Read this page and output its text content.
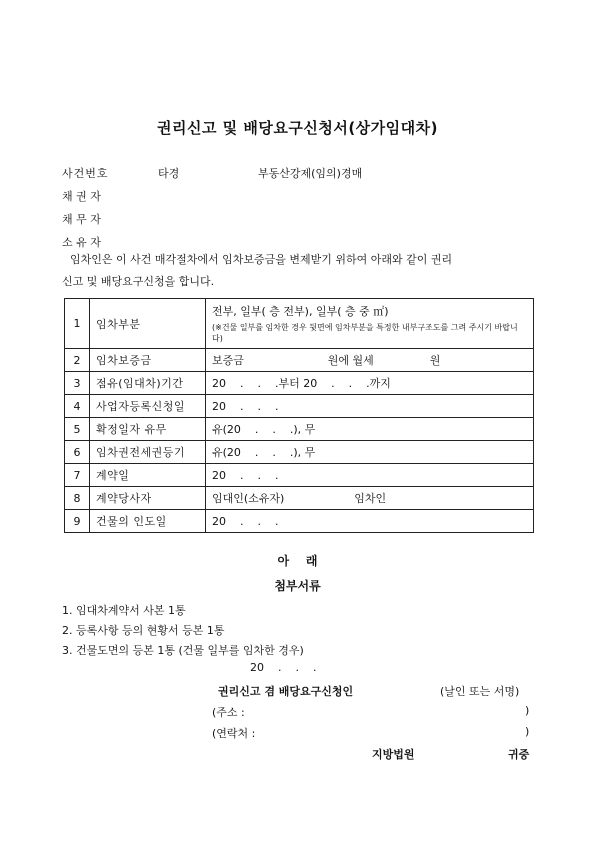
권리신고 및 배당요구신청서(상가임대차)
사건번호	타경	부동산강제(임의)경매
채 권 자
채 무 자
소 유 자
임차인은 이 사건 매각절차에서 임차보증금을 변제받기 위하여 아래와 같이 권리
신고 및 배당요구신청을 합니다.
1	임차부분	전부, 일부( 층 전부), 일부( 층 중 ㎡)
(※건물 일부를 임차한 경우 뒷면에 임차부분을 특정한 내부구조도를 그려 주시기 바랍니다)

2	임차보증금	보증금                        원에 월세                원
3	점유(임대차)기간	20    .    .    .부터 20    .    .    .까지
4	사업자등록신청일	20    .    .    .
5	확정일자 유무	유(20    .    .    .), 무
6	임차권전세권등기	유(20    .    .    .), 무
7	계약일	20    .    .    .
8	계약당사자	임대인(소유자)                    임차인
9	건물의 인도일	20    .    .    .
아    래
첨부서류
1. 임대차계약서 사본 1통
2. 등록사항 등의 현황서 등본 1통
3. 건물도면의 등본 1통 (건물 일부를 임차한 경우)
20    .    .    .
권리신고 겸 배당요구신청인	(날인 또는 서명)
(주소 :	)
(연락처 :	)
지방법원	귀중
